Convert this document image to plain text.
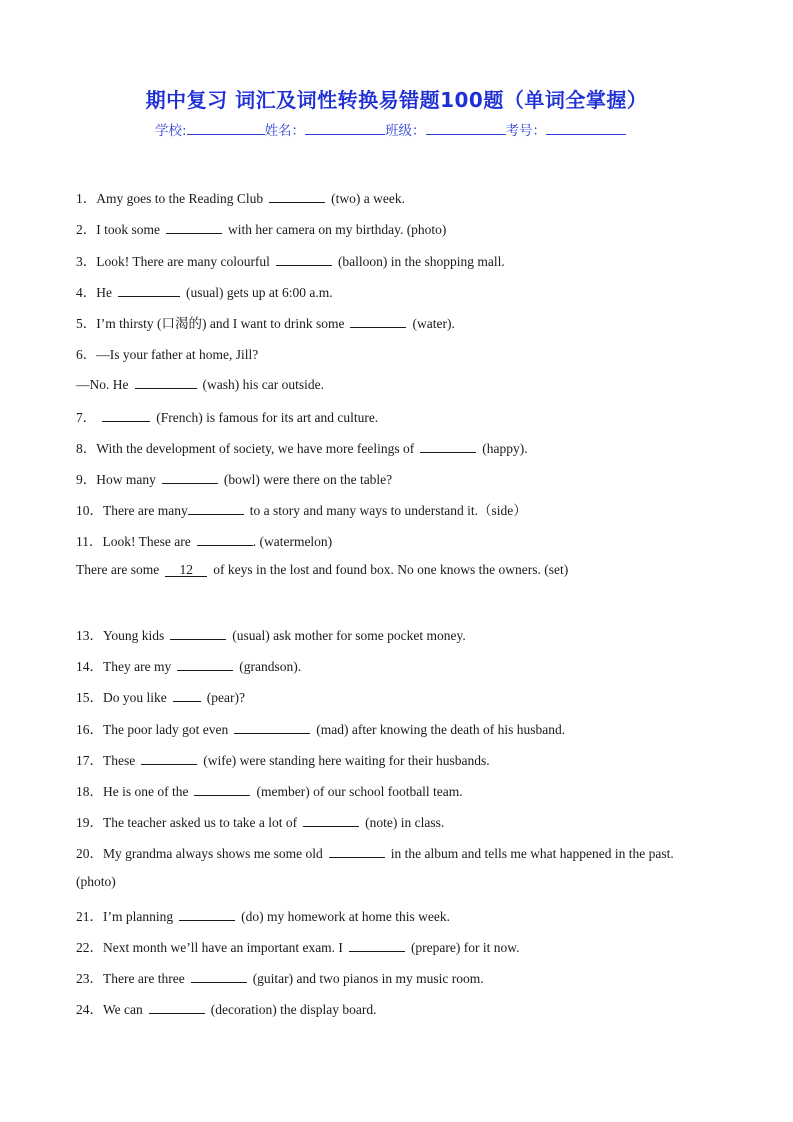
期中复习 词汇及词性转换易错题100题（单词全掌握）
学校:	姓名：	班级：	考号：
1．Amy goes to the Reading Club	(two) a week.
2．I took some	with her camera on my birthday. (photo)
3．Look! There are many colourful	(balloon) in the shopping mall.
4．He	(usual) gets up at 6:00 a.m.
5．I’m thirsty (口渴的) and I want to drink some	(water).
6．—Is your father at home, Jill?
—No. He	(wash) his car outside.
7．	(French) is famous for its art and culture.
8．With the development of society, we have more feelings of	(happy).
9．How many	(bowl) were there on the table?
10．There are many	to a story and many ways to understand it.（side）
11．Look! These are	. (watermelon)
There are some 12 of keys in the lost and found box. No one knows the owners. (set)
13．Young kids	(usual) ask mother for some pocket money.
14．They are my	(grandson).
15．Do you like	(pear)?
16．The poor lady got even	(mad) after knowing the death of his husband.
17．These	(wife) were standing here waiting for their husbands.
18．He is one of the	(member) of our school football team.
19．The teacher asked us to take a lot of	(note) in class.
20．My grandma always shows me some old	in the album and tells me what happened in the past.
(photo)
21．I’m planning	(do) my homework at home this week.
22．Next month we’ll have an important exam. I	(prepare) for it now.
23．There are three	(guitar) and two pianos in my music room.
24．We can	(decoration) the display board.
